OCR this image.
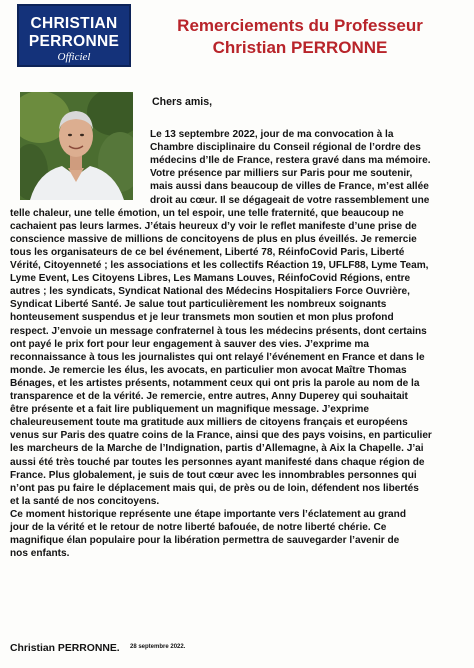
CHRISTIAN
PERRONNE
Officiel
Remerciements du Professeur
Christian PERRONNE
Chers amis,
Le 13 septembre 2022, jour de ma convocation à la
Chambre disciplinaire du Conseil régional de l’ordre des
médecins d’Ile de France, restera gravé dans ma mémoire.
Votre présence par milliers sur Paris pour me soutenir,
mais aussi dans beaucoup de villes de France, m’est allée
droit au cœur. Il se dégageait de votre rassemblement une
telle chaleur, une telle émotion, un tel espoir, une telle fraternité, que beaucoup ne
cachaient pas leurs larmes. J’étais heureux d’y voir le reflet manifeste d’une prise de
conscience massive de millions de concitoyens de plus en plus éveillés. Je remercie
tous les organisateurs de ce bel événement, Liberté 78, RéinfoCovid Paris, Liberté
Vérité, Citoyenneté ; les associations et les collectifs Réaction 19, UFLF88, Lyme Team,
Lyme Event, Les Citoyens Libres, Les Mamans Louves, RéinfoCovid Régions, entre
autres ; les syndicats, Syndicat National des Médecins Hospitaliers Force Ouvrière,
Syndicat Liberté Santé. Je salue tout particulièrement les nombreux soignants
honteusement suspendus et je leur transmets mon soutien et mon plus profond
respect. J’envoie un message confraternel à tous les médecins présents, dont certains
ont payé le prix fort pour leur engagement à sauver des vies. J’exprime ma
reconnaissance à tous les journalistes qui ont relayé l’événement en France et dans le
monde. Je remercie les élus, les avocats, en particulier mon avocat Maître Thomas
Bénages, et les artistes présents, notamment ceux qui ont pris la parole au nom de la
transparence et de la vérité. Je remercie, entre autres, Anny Duperey qui souhaitait
être présente et a fait lire publiquement un magnifique message. J’exprime
chaleureusement toute ma gratitude aux milliers de citoyens français et européens
venus sur Paris des quatre coins de la France, ainsi que des pays voisins, en particulier
les marcheurs de la Marche de l’Indignation, partis d’Allemagne, à Aix la Chapelle. J’ai
aussi été très touché par toutes les personnes ayant manifesté dans chaque région de
France. Plus globalement, je suis de tout cœur avec les innombrables personnes qui
n’ont pas pu faire le déplacement mais qui, de près ou de loin, défendent nos libertés
et la santé de nos concitoyens.
Ce moment historique représente une étape importante vers l’éclatement au grand
jour de la vérité et le retour de notre liberté bafouée, de notre liberté chérie. Ce
magnifique élan populaire pour la libération permettra de sauvegarder l’avenir de
nos enfants.
Christian PERRONNE. 28 septembre 2022.
